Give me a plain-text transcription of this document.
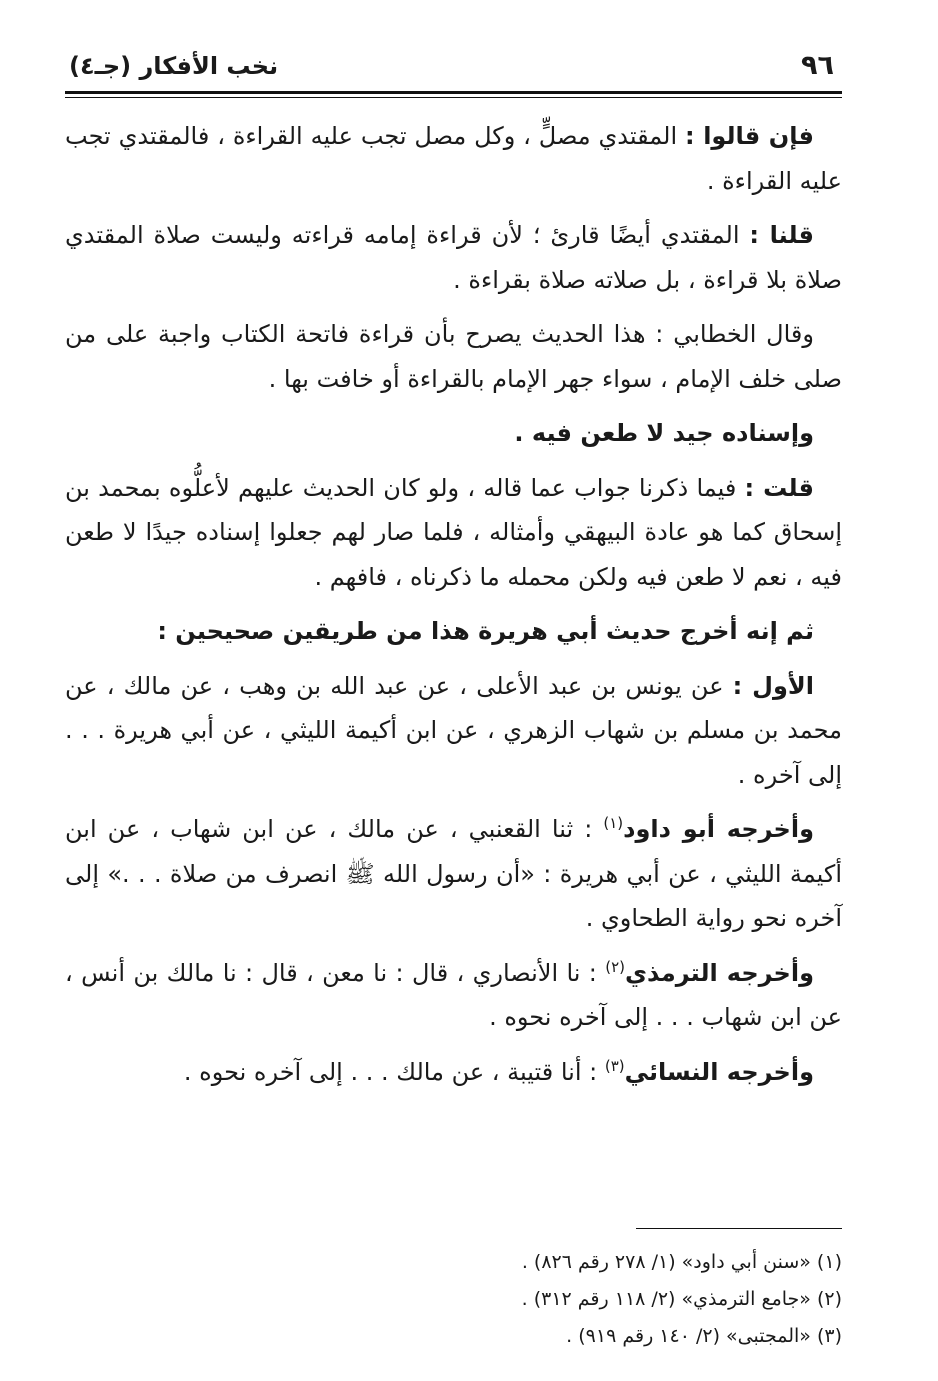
٩٦
نخب الأفكار (جـ٤)

فإن قالوا : المقتدي مصلٍّ ، وكل مصل تجب عليه القراءة ، فالمقتدي تجب عليه القراءة .

قلنا : المقتدي أيضًا قارئ ؛ لأن قراءة إمامه قراءته وليست صلاة المقتدي صلاة بلا قراءة ، بل صلاته صلاة بقراءة .

وقال الخطابي : هذا الحديث يصرح بأن قراءة فاتحة الكتاب واجبة على من صلى خلف الإمام ، سواء جهر الإمام بالقراءة أو خافت بها .

وإسناده جيد لا طعن فيه .

قلت : فيما ذكرنا جواب عما قاله ، ولو كان الحديث عليهم لأعلُّوه بمحمد بن إسحاق كما هو عادة البيهقي وأمثاله ، فلما صار لهم جعلوا إسناده جيدًا لا طعن فيه ، نعم لا طعن فيه ولكن محمله ما ذكرناه ، فافهم .

ثم إنه أخرج حديث أبي هريرة هذا من طريقين صحيحين :

الأول : عن يونس بن عبد الأعلى ، عن عبد الله بن وهب ، عن مالك ، عن محمد بن مسلم بن شهاب الزهري ، عن ابن أكيمة الليثي ، عن أبي هريرة . . . إلى آخره .

وأخرجه أبو داود$^{(١)}$ : ثنا القعنبي ، عن مالك ، عن ابن شهاب ، عن ابن أكيمة الليثي ، عن أبي هريرة : «أن رسول الله ﷺ انصرف من صلاة . . .» إلى آخره نحو رواية الطحاوي .

وأخرجه الترمذي$^{(٢)}$ : نا الأنصاري ، قال : نا معن ، قال : نا مالك بن أنس ، عن ابن شهاب . . . إلى آخره نحوه .

وأخرجه النسائي$^{(٣)}$ : أنا قتيبة ، عن مالك . . . إلى آخره نحوه .

(١) «سنن أبي داود» (١/ ٢٧٨ رقم ٨٢٦) .

(٢) «جامع الترمذي» (٢/ ١١٨ رقم ٣١٢) .

(٣) «المجتبى» (٢/ ١٤٠ رقم ٩١٩) .
